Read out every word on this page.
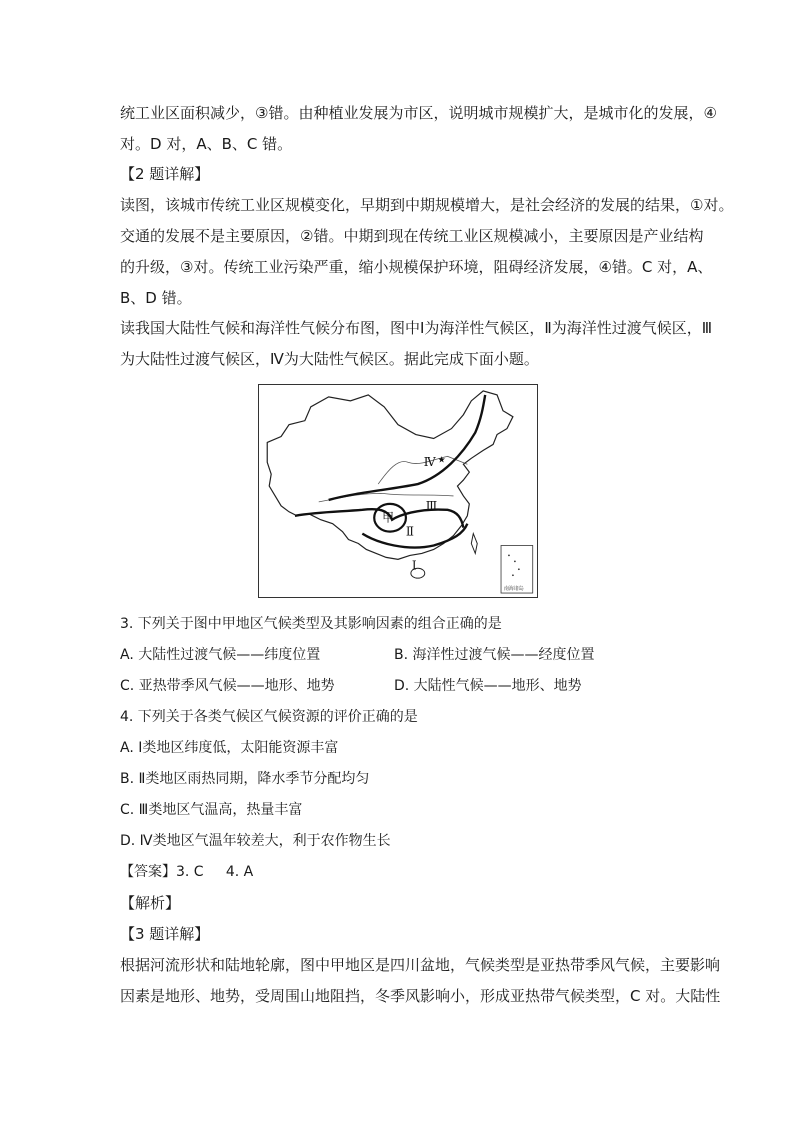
统工业区面积减少，③错。由种植业发展为市区，说明城市规模扩大，是城市化的发展，④
对。D 对，A、B、C 错。
【2 题详解】
读图，该城市传统工业区规模变化，早期到中期规模增大，是社会经济的发展的结果，①对。
交通的发展不是主要原因，②错。中期到现在传统工业区规模减小，主要原因是产业结构
的升级，③对。传统工业污染严重，缩小规模保护环境，阻碍经济发展，④错。C 对，A、
B、D 错。
读我国大陆性气候和海洋性气候分布图，图中Ⅰ为海洋性气候区，Ⅱ为海洋性过渡气候区，Ⅲ
为大陆性过渡气候区，Ⅳ为大陆性气候区。据此完成下面小题。
Ⅳ
Ⅲ
甲
Ⅱ
Ⅰ
★
南海诸岛
3. 下列关于图中甲地区气候类型及其影响因素的组合正确的是
A. 大陆性过渡气候——纬度位置	B. 海洋性过渡气候——经度位置
C. 亚热带季风气候——地形、地势	D. 大陆性气候——地形、地势
4. 下列关于各类气候区气候资源的评价正确的是
A. Ⅰ类地区纬度低，太阳能资源丰富
B. Ⅱ类地区雨热同期，降水季节分配均匀
C. Ⅲ类地区气温高，热量丰富
D. Ⅳ类地区气温年较差大，利于农作物生长
【答案】3. C     4. A
【解析】
【3 题详解】
根据河流形状和陆地轮廓，图中甲地区是四川盆地，气候类型是亚热带季风气候，主要影响
因素是地形、地势，受周围山地阻挡，冬季风影响小，形成亚热带气候类型，C 对。大陆性
